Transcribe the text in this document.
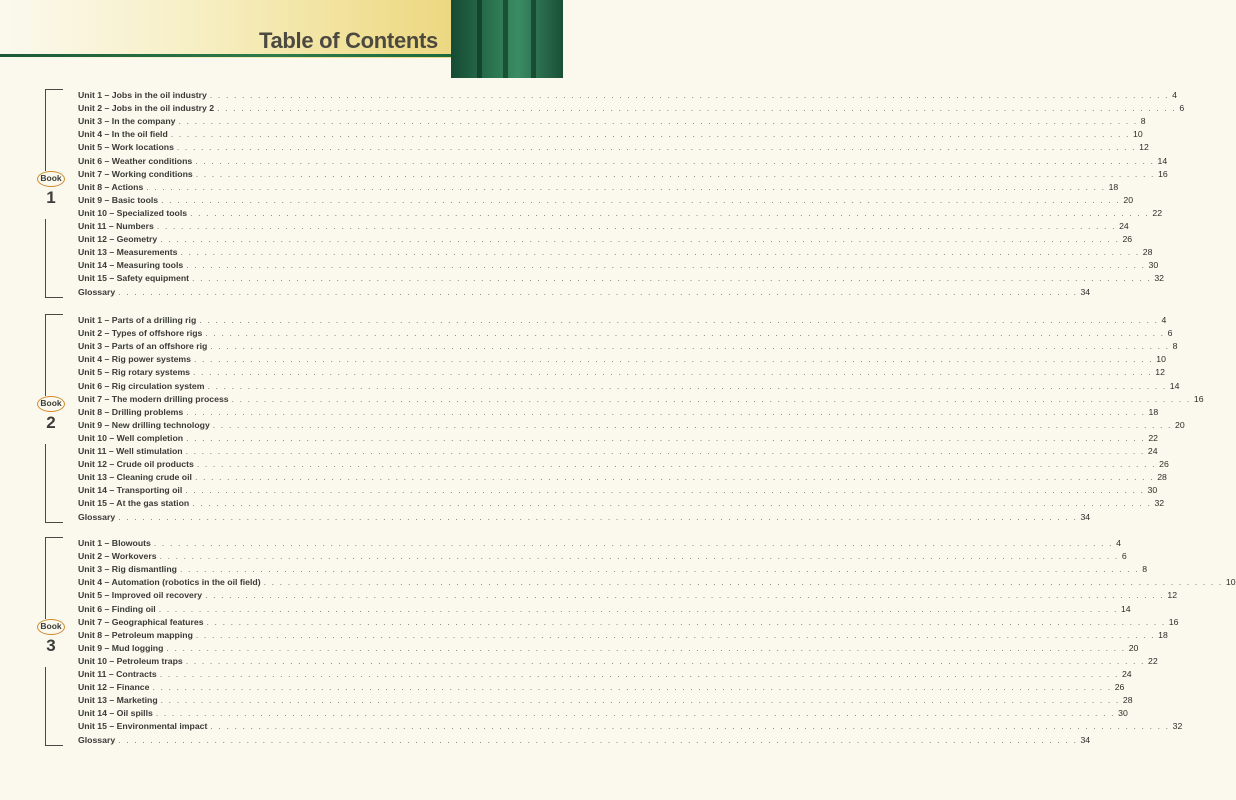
Table of Contents
Book
1
Unit 1 – Jobs in the oil industry . . . . . . . . . . . . . . . . . . . . . . . . . . . . . . . . . . . . . . . . . . . . . . . . . . . . . . . . . . . . . . . . . . . . . . . . . . . . . . . . . . . . . . . . . . . . . . . . . . . . . . . . . . . . . . . . . . . . . . . . 4
Unit 2 – Jobs in the oil industry 2 . . . . . . . . . . . . . . . . . . . . . . . . . . . . . . . . . . . . . . . . . . . . . . . . . . . . . . . . . . . . . . . . . . . . . . . . . . . . . . . . . . . . . . . . . . . . . . . . . . . . . . . . . . . . . . . . . . . . . . . . 6
Unit 3 – In the company . . . . . . . . . . . . . . . . . . . . . . . . . . . . . . . . . . . . . . . . . . . . . . . . . . . . . . . . . . . . . . . . . . . . . . . . . . . . . . . . . . . . . . . . . . . . . . . . . . . . . . . . . . . . . . . . . . . . . . . . 8
Unit 4 – In the oil field . . . . . . . . . . . . . . . . . . . . . . . . . . . . . . . . . . . . . . . . . . . . . . . . . . . . . . . . . . . . . . . . . . . . . . . . . . . . . . . . . . . . . . . . . . . . . . . . . . . . . . . . . . . . . . . . . . . . . . . . 10
Unit 5 – Work locations . . . . . . . . . . . . . . . . . . . . . . . . . . . . . . . . . . . . . . . . . . . . . . . . . . . . . . . . . . . . . . . . . . . . . . . . . . . . . . . . . . . . . . . . . . . . . . . . . . . . . . . . . . . . . . . . . . . . . . . . 12
Unit 6 – Weather conditions . . . . . . . . . . . . . . . . . . . . . . . . . . . . . . . . . . . . . . . . . . . . . . . . . . . . . . . . . . . . . . . . . . . . . . . . . . . . . . . . . . . . . . . . . . . . . . . . . . . . . . . . . . . . . . . . . . . . . . . . 14
Unit 7 – Working conditions . . . . . . . . . . . . . . . . . . . . . . . . . . . . . . . . . . . . . . . . . . . . . . . . . . . . . . . . . . . . . . . . . . . . . . . . . . . . . . . . . . . . . . . . . . . . . . . . . . . . . . . . . . . . . . . . . . . . . . . . 16
Unit 8 – Actions . . . . . . . . . . . . . . . . . . . . . . . . . . . . . . . . . . . . . . . . . . . . . . . . . . . . . . . . . . . . . . . . . . . . . . . . . . . . . . . . . . . . . . . . . . . . . . . . . . . . . . . . . . . . . . . . . . . . . . . . 18
Unit 9 – Basic tools . . . . . . . . . . . . . . . . . . . . . . . . . . . . . . . . . . . . . . . . . . . . . . . . . . . . . . . . . . . . . . . . . . . . . . . . . . . . . . . . . . . . . . . . . . . . . . . . . . . . . . . . . . . . . . . . . . . . . . . . 20
Unit 10 – Specialized tools . . . . . . . . . . . . . . . . . . . . . . . . . . . . . . . . . . . . . . . . . . . . . . . . . . . . . . . . . . . . . . . . . . . . . . . . . . . . . . . . . . . . . . . . . . . . . . . . . . . . . . . . . . . . . . . . . . . . . . . . 22
Unit 11 – Numbers . . . . . . . . . . . . . . . . . . . . . . . . . . . . . . . . . . . . . . . . . . . . . . . . . . . . . . . . . . . . . . . . . . . . . . . . . . . . . . . . . . . . . . . . . . . . . . . . . . . . . . . . . . . . . . . . . . . . . . . . 24
Unit 12 – Geometry . . . . . . . . . . . . . . . . . . . . . . . . . . . . . . . . . . . . . . . . . . . . . . . . . . . . . . . . . . . . . . . . . . . . . . . . . . . . . . . . . . . . . . . . . . . . . . . . . . . . . . . . . . . . . . . . . . . . . . . . 26
Unit 13 – Measurements . . . . . . . . . . . . . . . . . . . . . . . . . . . . . . . . . . . . . . . . . . . . . . . . . . . . . . . . . . . . . . . . . . . . . . . . . . . . . . . . . . . . . . . . . . . . . . . . . . . . . . . . . . . . . . . . . . . . . . . . 28
Unit 14 – Measuring tools . . . . . . . . . . . . . . . . . . . . . . . . . . . . . . . . . . . . . . . . . . . . . . . . . . . . . . . . . . . . . . . . . . . . . . . . . . . . . . . . . . . . . . . . . . . . . . . . . . . . . . . . . . . . . . . . . . . . . . . . 30
Unit 15 – Safety equipment . . . . . . . . . . . . . . . . . . . . . . . . . . . . . . . . . . . . . . . . . . . . . . . . . . . . . . . . . . . . . . . . . . . . . . . . . . . . . . . . . . . . . . . . . . . . . . . . . . . . . . . . . . . . . . . . . . . . . . . . 32
Glossary . . . . . . . . . . . . . . . . . . . . . . . . . . . . . . . . . . . . . . . . . . . . . . . . . . . . . . . . . . . . . . . . . . . . . . . . . . . . . . . . . . . . . . . . . . . . . . . . . . . . . . . . . . . . . . . . . . . . . . . . 34
Book
2
Unit 1 – Parts of a drilling rig . . . . . . . . . . . . . . . . . . . . . . . . . . . . . . . . . . . . . . . . . . . . . . . . . . . . . . . . . . . . . . . . . . . . . . . . . . . . . . . . . . . . . . . . . . . . . . . . . . . . . . . . . . . . . . . . . . . . . . . . 4
Unit 2 – Types of offshore rigs . . . . . . . . . . . . . . . . . . . . . . . . . . . . . . . . . . . . . . . . . . . . . . . . . . . . . . . . . . . . . . . . . . . . . . . . . . . . . . . . . . . . . . . . . . . . . . . . . . . . . . . . . . . . . . . . . . . . . . . . 6
Unit 3 – Parts of an offshore rig . . . . . . . . . . . . . . . . . . . . . . . . . . . . . . . . . . . . . . . . . . . . . . . . . . . . . . . . . . . . . . . . . . . . . . . . . . . . . . . . . . . . . . . . . . . . . . . . . . . . . . . . . . . . . . . . . . . . . . . . 8
Unit 4 – Rig power systems . . . . . . . . . . . . . . . . . . . . . . . . . . . . . . . . . . . . . . . . . . . . . . . . . . . . . . . . . . . . . . . . . . . . . . . . . . . . . . . . . . . . . . . . . . . . . . . . . . . . . . . . . . . . . . . . . . . . . . . . 10
Unit 5 – Rig rotary systems . . . . . . . . . . . . . . . . . . . . . . . . . . . . . . . . . . . . . . . . . . . . . . . . . . . . . . . . . . . . . . . . . . . . . . . . . . . . . . . . . . . . . . . . . . . . . . . . . . . . . . . . . . . . . . . . . . . . . . . . 12
Unit 6 – Rig circulation system . . . . . . . . . . . . . . . . . . . . . . . . . . . . . . . . . . . . . . . . . . . . . . . . . . . . . . . . . . . . . . . . . . . . . . . . . . . . . . . . . . . . . . . . . . . . . . . . . . . . . . . . . . . . . . . . . . . . . . . . 14
Unit 7 – The modern drilling process . . . . . . . . . . . . . . . . . . . . . . . . . . . . . . . . . . . . . . . . . . . . . . . . . . . . . . . . . . . . . . . . . . . . . . . . . . . . . . . . . . . . . . . . . . . . . . . . . . . . . . . . . . . . . . . . . . . . . . . . 16
Unit 8 – Drilling problems . . . . . . . . . . . . . . . . . . . . . . . . . . . . . . . . . . . . . . . . . . . . . . . . . . . . . . . . . . . . . . . . . . . . . . . . . . . . . . . . . . . . . . . . . . . . . . . . . . . . . . . . . . . . . . . . . . . . . . . . 18
Unit 9 – New drilling technology . . . . . . . . . . . . . . . . . . . . . . . . . . . . . . . . . . . . . . . . . . . . . . . . . . . . . . . . . . . . . . . . . . . . . . . . . . . . . . . . . . . . . . . . . . . . . . . . . . . . . . . . . . . . . . . . . . . . . . . . 20
Unit 10 – Well completion . . . . . . . . . . . . . . . . . . . . . . . . . . . . . . . . . . . . . . . . . . . . . . . . . . . . . . . . . . . . . . . . . . . . . . . . . . . . . . . . . . . . . . . . . . . . . . . . . . . . . . . . . . . . . . . . . . . . . . . . 22
Unit 11 – Well stimulation . . . . . . . . . . . . . . . . . . . . . . . . . . . . . . . . . . . . . . . . . . . . . . . . . . . . . . . . . . . . . . . . . . . . . . . . . . . . . . . . . . . . . . . . . . . . . . . . . . . . . . . . . . . . . . . . . . . . . . . . 24
Unit 12 – Crude oil products . . . . . . . . . . . . . . . . . . . . . . . . . . . . . . . . . . . . . . . . . . . . . . . . . . . . . . . . . . . . . . . . . . . . . . . . . . . . . . . . . . . . . . . . . . . . . . . . . . . . . . . . . . . . . . . . . . . . . . . . 26
Unit 13 – Cleaning crude oil . . . . . . . . . . . . . . . . . . . . . . . . . . . . . . . . . . . . . . . . . . . . . . . . . . . . . . . . . . . . . . . . . . . . . . . . . . . . . . . . . . . . . . . . . . . . . . . . . . . . . . . . . . . . . . . . . . . . . . . . 28
Unit 14 – Transporting oil . . . . . . . . . . . . . . . . . . . . . . . . . . . . . . . . . . . . . . . . . . . . . . . . . . . . . . . . . . . . . . . . . . . . . . . . . . . . . . . . . . . . . . . . . . . . . . . . . . . . . . . . . . . . . . . . . . . . . . . . 30
Unit 15 – At the gas station . . . . . . . . . . . . . . . . . . . . . . . . . . . . . . . . . . . . . . . . . . . . . . . . . . . . . . . . . . . . . . . . . . . . . . . . . . . . . . . . . . . . . . . . . . . . . . . . . . . . . . . . . . . . . . . . . . . . . . . . 32
Glossary . . . . . . . . . . . . . . . . . . . . . . . . . . . . . . . . . . . . . . . . . . . . . . . . . . . . . . . . . . . . . . . . . . . . . . . . . . . . . . . . . . . . . . . . . . . . . . . . . . . . . . . . . . . . . . . . . . . . . . . . 34
Book
3
Unit 1 – Blowouts . . . . . . . . . . . . . . . . . . . . . . . . . . . . . . . . . . . . . . . . . . . . . . . . . . . . . . . . . . . . . . . . . . . . . . . . . . . . . . . . . . . . . . . . . . . . . . . . . . . . . . . . . . . . . . . . . . . . . . . . 4
Unit 2 – Workovers . . . . . . . . . . . . . . . . . . . . . . . . . . . . . . . . . . . . . . . . . . . . . . . . . . . . . . . . . . . . . . . . . . . . . . . . . . . . . . . . . . . . . . . . . . . . . . . . . . . . . . . . . . . . . . . . . . . . . . . . 6
Unit 3 – Rig dismantling . . . . . . . . . . . . . . . . . . . . . . . . . . . . . . . . . . . . . . . . . . . . . . . . . . . . . . . . . . . . . . . . . . . . . . . . . . . . . . . . . . . . . . . . . . . . . . . . . . . . . . . . . . . . . . . . . . . . . . . . 8
Unit 4 – Automation (robotics in the oil field) . . . . . . . . . . . . . . . . . . . . . . . . . . . . . . . . . . . . . . . . . . . . . . . . . . . . . . . . . . . . . . . . . . . . . . . . . . . . . . . . . . . . . . . . . . . . . . . . . . . . . . . . . . . . . . . . . . . . . . . . 10
Unit 5 – Improved oil recovery . . . . . . . . . . . . . . . . . . . . . . . . . . . . . . . . . . . . . . . . . . . . . . . . . . . . . . . . . . . . . . . . . . . . . . . . . . . . . . . . . . . . . . . . . . . . . . . . . . . . . . . . . . . . . . . . . . . . . . . . 12
Unit 6 – Finding oil . . . . . . . . . . . . . . . . . . . . . . . . . . . . . . . . . . . . . . . . . . . . . . . . . . . . . . . . . . . . . . . . . . . . . . . . . . . . . . . . . . . . . . . . . . . . . . . . . . . . . . . . . . . . . . . . . . . . . . . . 14
Unit 7 – Geographical features . . . . . . . . . . . . . . . . . . . . . . . . . . . . . . . . . . . . . . . . . . . . . . . . . . . . . . . . . . . . . . . . . . . . . . . . . . . . . . . . . . . . . . . . . . . . . . . . . . . . . . . . . . . . . . . . . . . . . . . . 16
Unit 8 – Petroleum mapping . . . . . . . . . . . . . . . . . . . . . . . . . . . . . . . . . . . . . . . . . . . . . . . . . . . . . . . . . . . . . . . . . . . . . . . . . . . . . . . . . . . . . . . . . . . . . . . . . . . . . . . . . . . . . . . . . . . . . . . . 18
Unit 9 – Mud logging . . . . . . . . . . . . . . . . . . . . . . . . . . . . . . . . . . . . . . . . . . . . . . . . . . . . . . . . . . . . . . . . . . . . . . . . . . . . . . . . . . . . . . . . . . . . . . . . . . . . . . . . . . . . . . . . . . . . . . . . 20
Unit 10 – Petroleum traps . . . . . . . . . . . . . . . . . . . . . . . . . . . . . . . . . . . . . . . . . . . . . . . . . . . . . . . . . . . . . . . . . . . . . . . . . . . . . . . . . . . . . . . . . . . . . . . . . . . . . . . . . . . . . . . . . . . . . . . . 22
Unit 11 – Contracts . . . . . . . . . . . . . . . . . . . . . . . . . . . . . . . . . . . . . . . . . . . . . . . . . . . . . . . . . . . . . . . . . . . . . . . . . . . . . . . . . . . . . . . . . . . . . . . . . . . . . . . . . . . . . . . . . . . . . . . . 24
Unit 12 – Finance . . . . . . . . . . . . . . . . . . . . . . . . . . . . . . . . . . . . . . . . . . . . . . . . . . . . . . . . . . . . . . . . . . . . . . . . . . . . . . . . . . . . . . . . . . . . . . . . . . . . . . . . . . . . . . . . . . . . . . . . 26
Unit 13 – Marketing . . . . . . . . . . . . . . . . . . . . . . . . . . . . . . . . . . . . . . . . . . . . . . . . . . . . . . . . . . . . . . . . . . . . . . . . . . . . . . . . . . . . . . . . . . . . . . . . . . . . . . . . . . . . . . . . . . . . . . . . 28
Unit 14 – Oil spills . . . . . . . . . . . . . . . . . . . . . . . . . . . . . . . . . . . . . . . . . . . . . . . . . . . . . . . . . . . . . . . . . . . . . . . . . . . . . . . . . . . . . . . . . . . . . . . . . . . . . . . . . . . . . . . . . . . . . . . . 30
Unit 15 – Environmental impact . . . . . . . . . . . . . . . . . . . . . . . . . . . . . . . . . . . . . . . . . . . . . . . . . . . . . . . . . . . . . . . . . . . . . . . . . . . . . . . . . . . . . . . . . . . . . . . . . . . . . . . . . . . . . . . . . . . . . . . . 32
Glossary . . . . . . . . . . . . . . . . . . . . . . . . . . . . . . . . . . . . . . . . . . . . . . . . . . . . . . . . . . . . . . . . . . . . . . . . . . . . . . . . . . . . . . . . . . . . . . . . . . . . . . . . . . . . . . . . . . . . . . . . 34
